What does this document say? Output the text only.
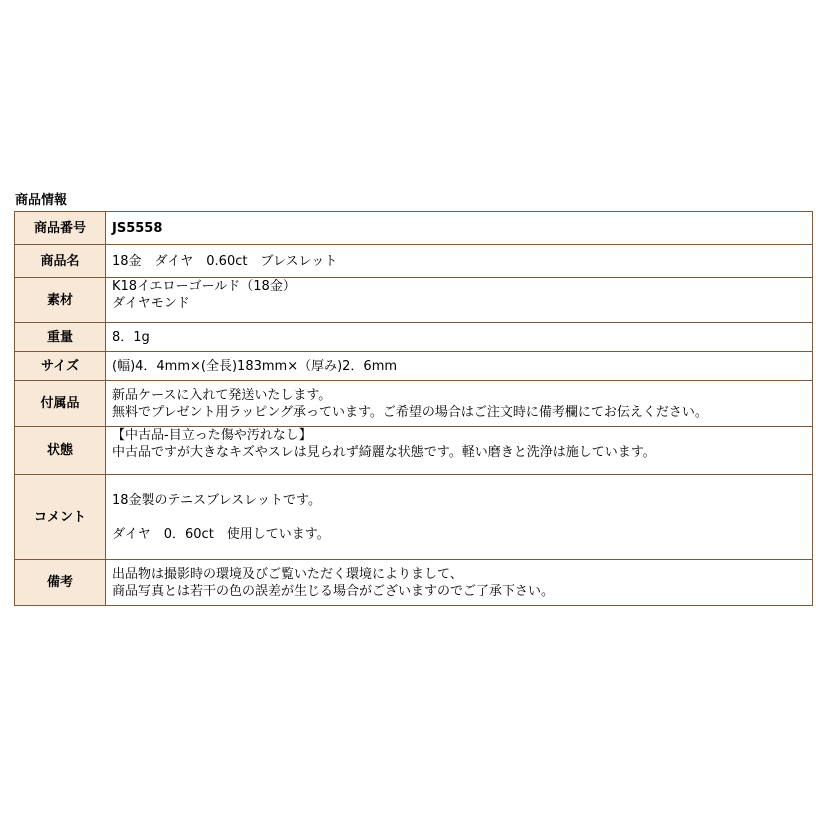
商品情報
商品番号	JS5558

商品名	18金　ダイヤ　0.60ct　ブレスレット

素材	K18イエローゴールド（18金）
ダイヤモンド

重量	8．1g

サイズ	(幅)4．4mm×(全長)183mm×（厚み)2．6mm

付属品	新品ケースに入れて発送いたします。
無料でプレゼント用ラッピング承っています。ご希望の場合はご注文時に備考欄にてお伝えください。

状態	【中古品-目立った傷や汚れなし】
中古品ですが大きなキズやスレは見られず綺麗な状態です。軽い磨きと洗浄は施しています。

コメント	18金製のテニスブレスレットです。
ダイヤ　0．60ct　使用しています。

備考	出品物は撮影時の環境及びご覧いただく環境によりまして、
商品写真とは若干の色の誤差が生じる場合がございますのでご了承下さい。
